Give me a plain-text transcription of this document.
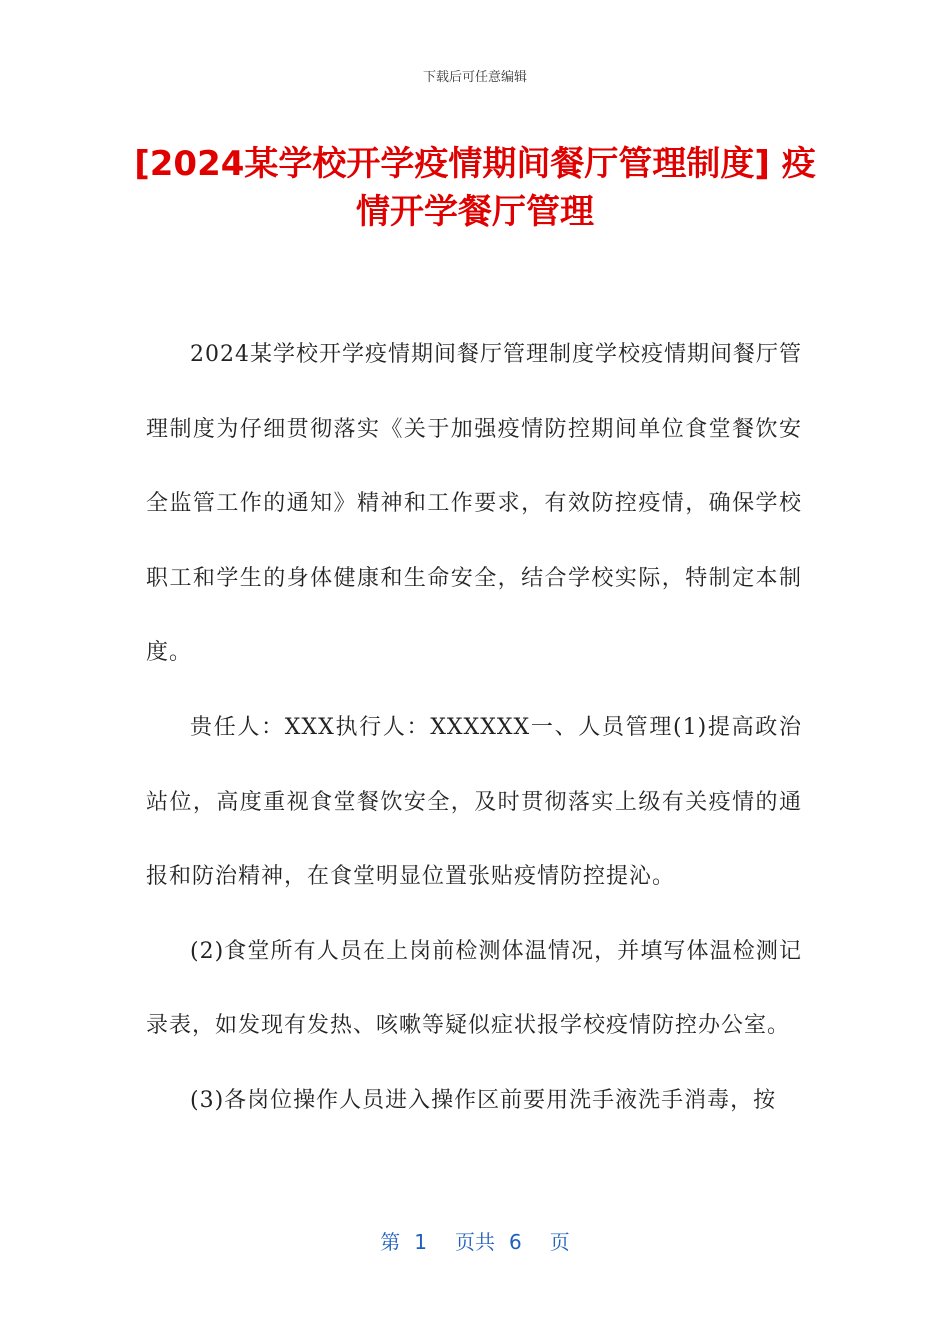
下载后可任意编辑
[2024某学校开学疫情期间餐厅管理制度] 疫情开学餐厅管理

2024某学校开学疫情期间餐厅管理制度学校疫情期间餐厅管理制度为仔细贯彻落实《关于加强疫情防控期间单位食堂餐饮安全监管工作的通知》精神和工作要求，有效防控疫情，确保学校职工和学生的身体健康和生命安全，结合学校实际，特制定本制度。

贵任人：XXX执行人：XXXXXX一、人员管理(1)提高政治站位，高度重视食堂餐饮安全，及时贯彻落实上级有关疫情的通报和防治精神，在食堂明显位置张贴疫情防控提沁。

(2)食堂所有人员在上岗前检测体温情况，并填写体温检测记录表，如发现有发热、咳嗽等疑似症状报学校疫情防控办公室。

(3)各岗位操作人员进入操作区前要用洗手液洗手消毒，按

第 1 页共 6 页
